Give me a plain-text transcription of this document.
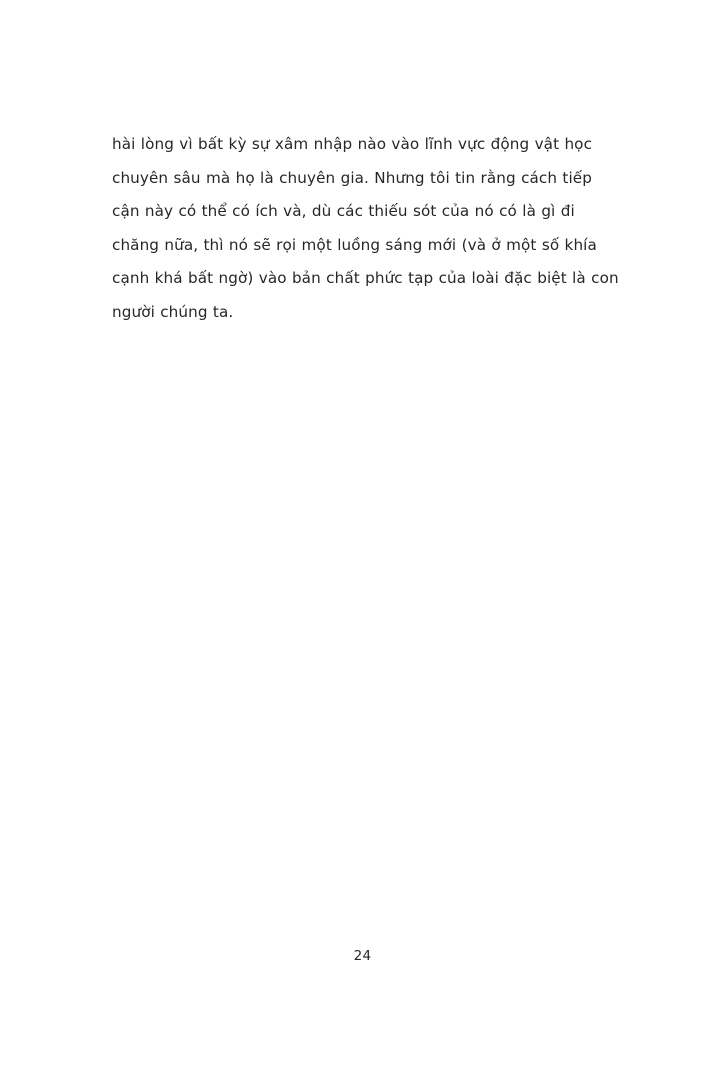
hài lòng vì bất kỳ sự xâm nhập nào vào lĩnh vực động vật học chuyên sâu mà họ là chuyên gia. Nhưng tôi tin rằng cách tiếp cận này có thể có ích và, dù các thiếu sót của nó có là gì đi chăng nữa, thì nó sẽ rọi một luồng sáng mới (và ở một số khía cạnh khá bất ngờ) vào bản chất phức tạp của loài đặc biệt là con người chúng ta.
24
